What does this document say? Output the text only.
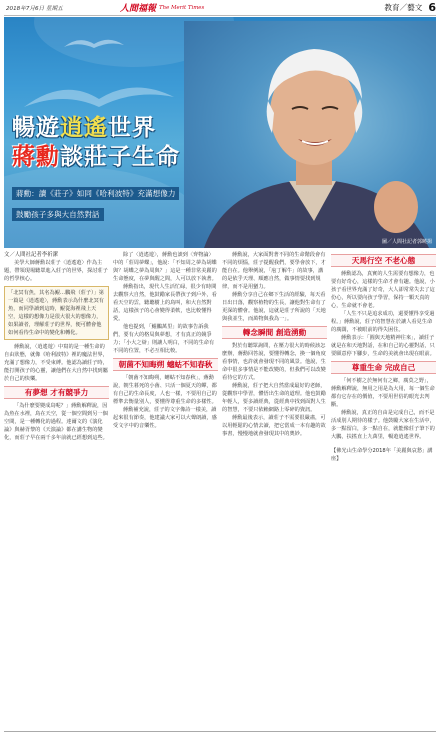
2018年7月6日 星期五	人間福報 The Merit Times	教育／藝文 6
暢遊逍遙世界
蔣勳談莊子生命
蔣勳：讀《莊子》如同《哈利波特》充滿想像力
鼓勵孩子多與大自然對話
圖／人間社記者郭曉揚

文／人間社記者李祈潔

美學大師蔣勳以莊子〈逍遙遊〉作為主題，帶領現場聽眾進入莊子的世界，探討莊子的哲學核心。

「北冥有魚，其名為鯤…鵬飛（莊子）」第一篇是〈逍遙遊〉，蔣勳表示為什麼北冥有魚，而同學讀到這時，鯤從海裡飛上天空，這樣的想像力是很大很大的想像力，如果讀者，理解莊子的世界，便可體會他如何看待生命中的變化和轉化。

蔣勳說，〈逍遙遊〉中寫的是一種生命的自由狀態，就像《哈利波特》裡的魔法世界，充滿了想像力，不受束縛。他認為讀莊子時，能打開孩子的心靈，讓他們在大自然中找到屬於自己的快樂。

有夢想 才有競爭力

「為什麼要變成鳥呢？」蔣勳解釋說，因為魚在水裡，鳥在天空，從一個空間到另一個空間，是一種轉化的過程。達爾文的《演化論》與赫胥黎的《天演論》都在講生物的變化，而莊子早在兩千多年前就已經想到這些。

除了〈逍遙遊〉，蔣勳也談到〈齊物論〉中的「莊周夢蝶」，他說：「不知周之夢為胡蝶與？胡蝶之夢為周與？」這是一種非常美麗的生命態度，在夢與醒之間，人可以放下執著。

蔣勳指出，現代人生活忙碌，很少有時間去觀察大自然，他鼓勵家長帶孩子到戶外，看看天空的雲，聽聽樹上的鳥叫，和大自然對話，這樣孩子的心會變得柔軟，也比較懂得愛。

他也提到，「鯤鵬萬里」的故事告訴我們，要有大的格局與夢想，才有真正的競爭力；「小大之辯」則讓人明白，不同的生命有不同的位置，不必互相比較。

朝菌不知晦朔 蟪蛄不知春秋

「朝菌不知晦朔，蟪蛄不知春秋」，蔣勳說，朝生暮死的小菌、只活一個夏天的蟬，都有自己的生命長度，人也一樣，不要用自己的標準去衡量別人，要懂得尊重生命的多樣性。

蔣勳補充說，莊子的文字像詩一樣美，讀起來很有節奏，他建議大家可以大聲朗讀，感受文字中的音樂性。

蔣勳說，大家面對著不同的生命階段會有不同的煩惱，莊子提醒我們，要學會放下，才能自在。他舉例說，「庖丁解牛」的故事，講的是依乎天理、順應自然，做事情要找到規律，而不是用蠻力。

蔣勳分享自己在鄉下生活的經驗，每天看日出日落，觀察植物的生長，讓他對生命有了更深的體會。他說，這就是莊子所說的「天地與我並生，而萬物與我為一」。

轉念瞬間 創造湧動

對於有聽眾詢問，在壓力很大的時候該怎麼辦，蔣勳回答說，要懂得轉念，換一個角度看事情，也許就會發現不同的風景。他說，生命中很多事情是不能改變的，但我們可以改變看待它的方式。

蔣勳說，莊子把大自然當成最好的老師，從觀察中學習，體悟出生命的道理。他也鼓勵年輕人，要多讀經典，從經典中找到面對人生的智慧，不要只依賴網路上零碎的資訊。

蔣勳最後表示，讀莊子不需要很嚴肅，可以用輕鬆的心情去讀，把它當成一本有趣的故事書，慢慢地就會發現其中的奧妙。

天馬行空 不老心態

蔣勳認為，真實的人生需要有想像力，也要有好奇心，這樣的生命才會有趣。他說，小孩子看世界充滿了好奇，大人卻常常失去了這份心，所以要向孩子學習，保持一顆天真的心，生命就不會老。

「人生不只是追求成功，還要懂得享受過程。」蔣勳說，莊子的智慧在於讓人看見生命的廣闊，不被眼前的得失困住。

蔣勳表示：「圓與天地精神往來」，讀莊子就是在和天地對話，在和自己的心靈對話，只要願意停下腳步，生命的美就會出現在眼前。

尊重生命 完成自己

「何不樹之於無何有之鄉，廣莫之野」，蔣勳解釋說，無用之用是為大用，每一個生命都有它存在的價值，不要用世俗的眼光去判斷。

蔣勳說，真正的自由是完成自己，而不是活成別人期待的樣子。他鼓勵大家在生活中，多一點留白，多一點自在，就能像莊子筆下的大鵬，扶搖直上九萬里，暢遊逍遙世界。

【佛光山生命學分2018年「美麗與哀愁」講座】
